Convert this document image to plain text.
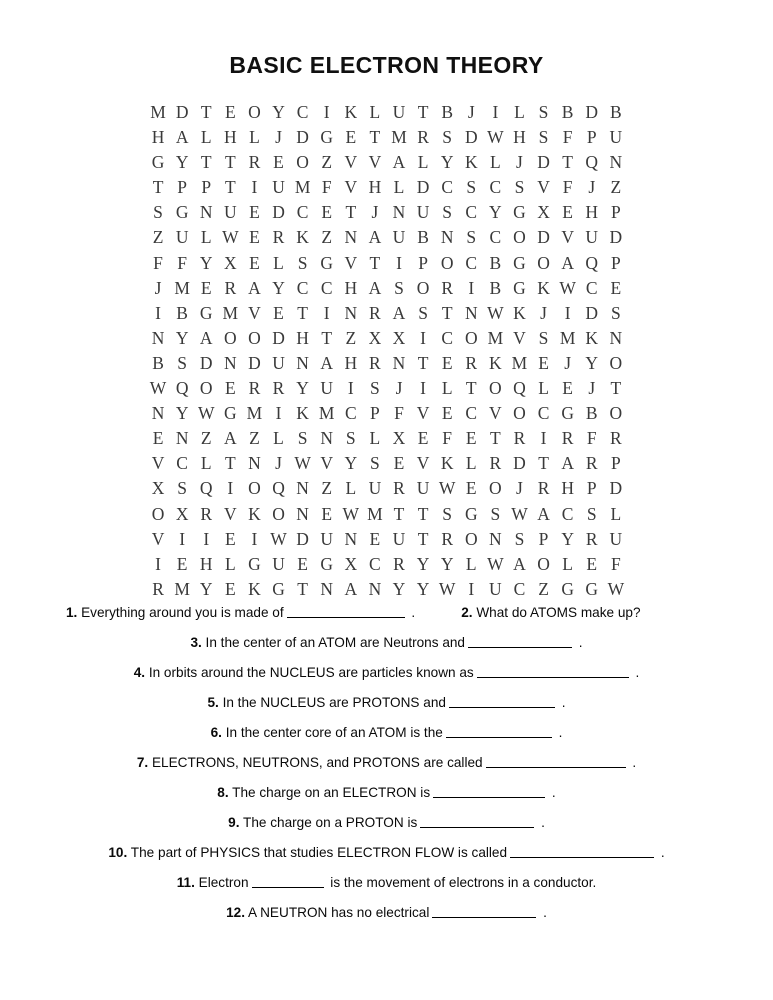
BASIC ELECTRON THEORY
M D T E O Y C I K L U T B J	I L S B D B
H A L H L J D G E T M R S D W H S F P U
G Y T T R E O Z V V A L Y K L J D T Q N
T P P T I U M F V H L D C S C S V F J Z
S G N U E D C E T J N U S C Y G X E H P
Z U L W E R K Z N A U B N S C O D V U D
F F Y X E L S G V T I P O C B G O A Q P
J M E R A Y C C H A S O R I B G K W C E
I B G M V E T I N R A S T N W K J	I D S
N Y A O O D H T Z X X I C O M V S M K N
B S D N D U N A H R N T E R K M E J Y O
W Q O E R R Y U I S J	I L T O Q L E J T
N Y W G M I K M C P F V E C V O C G B O
E N Z A Z L S N S L X E F E T R I R F R
V C L T N J W V Y S E V K L R D T A R P
X S Q I O Q N Z L U R U W E O J R H P D
O X R V K O N E W M T T S G S W A C S L
V I	I E I W D U N E U T R O N S P Y R U
I E H L G U E G X C R Y Y L W A O L E F
R M Y E K G T N A N Y Y W I U C Z G G W
1. Everything around you is made of	.	2. What do ATOMS make up?
3. In the center of an ATOM are Neutrons and	.
4. In orbits around the NUCLEUS are particles known as	.
5. In the NUCLEUS are PROTONS and	.
6. In the center core of an ATOM is the	.
7. ELECTRONS, NEUTRONS, and PROTONS are called	.
8. The charge on an ELECTRON is	.
9. The charge on a PROTON is	.
10. The part of PHYSICS that studies ELECTRON FLOW is called	.
11. Electron	is the movement of electrons in a conductor.
12. A NEUTRON has no electrical	.
